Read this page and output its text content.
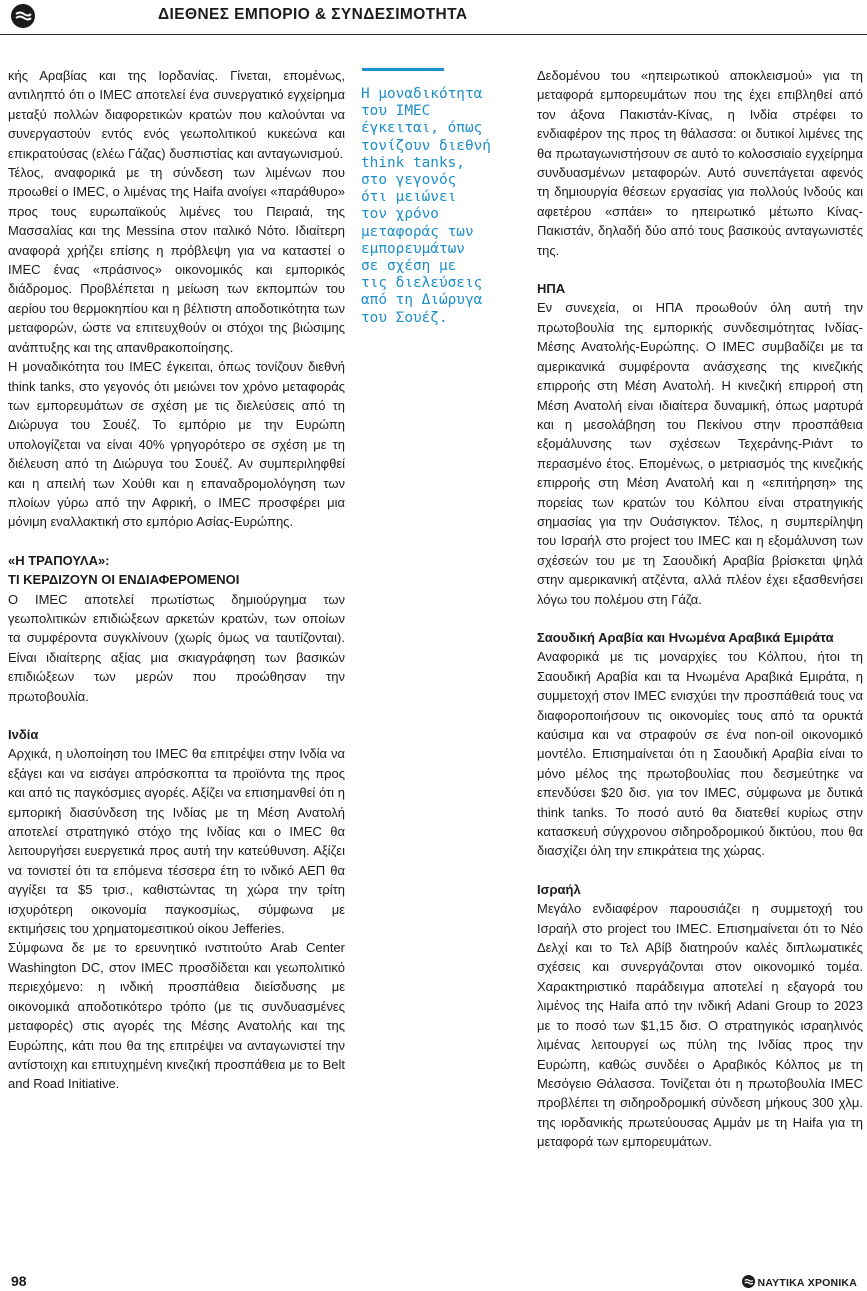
ΔΙΕΘΝΕΣ ΕΜΠΟΡΙΟ & ΣΥΝΔΕΣΙΜΟΤΗΤΑ

κής Αραβίας και της Ιορδανίας. Γίνεται, επομένως, αντιληπτό ότι ο IMEC αποτελεί ένα συνεργατικό εγχείρημα μεταξύ πολλών διαφορετικών κρατών που καλούνται να συνεργαστούν εντός ενός γεωπολιτικού κυκεώνα και επικρατούσας (ελέω Γάζας) δυσπιστίας και ανταγωνισμού.

Τέλος, αναφορικά με τη σύνδεση των λιμένων που προωθεί ο IMEC, ο λιμένας της Haifa ανοίγει «παράθυρο» προς τους ευρωπαϊκούς λιμένες του Πειραιά, της Μασσαλίας και της Messina στον ιταλικό Νότο. Ιδιαίτερη αναφορά χρήζει επίσης η πρόβλεψη για να καταστεί ο IMEC ένας «πράσινος» οικονομικός και εμπορικός διάδρομος. Προβλέπεται η μείωση των εκπομπών του αερίου του θερμοκηπίου και η βέλτιστη αποδοτικότητα των μεταφορών, ώστε να επιτευχθούν οι στόχοι της βιώσιμης ανάπτυξης και της απανθρακοποίησης.

Η μοναδικότητα του IMEC έγκειται, όπως τονίζουν διεθνή think tanks, στο γεγονός ότι μειώνει τον χρόνο μεταφοράς των εμπορευμάτων σε σχέση με τις διελεύσεις από τη Διώρυγα του Σουέζ. Το εμπόριο με την Ευρώπη υπολογίζεται να είναι 40% γρηγορότερο σε σχέση με τη διέλευση από τη Διώρυγα του Σουέζ. Αν συμπεριληφθεί και η απειλή των Χούθι και η επαναδρομολόγηση των πλοίων γύρω από την Αφρική, ο IMEC προσφέρει μια μόνιμη εναλλακτική στο εμπόριο Ασίας-Ευρώπης.

«Η ΤΡΑΠΟΥΛΑ»:

ΤΙ ΚΕΡΔΙΖΟΥΝ ΟΙ ΕΝΔΙΑΦΕΡΟΜΕΝΟΙ

Ο IMEC αποτελεί πρωτίστως δημιούργημα των γεωπολιτικών επιδιώξεων αρκετών κρατών, των οποίων τα συμφέροντα συγκλίνουν (χωρίς όμως να ταυτίζονται). Είναι ιδιαίτερης αξίας μια σκιαγράφηση των βασικών επιδιώξεων των μερών που προώθησαν την πρωτοβουλία.

Ινδία

Αρχικά, η υλοποίηση του IMEC θα επιτρέψει στην Ινδία να εξάγει και να εισάγει απρόσκοπτα τα προϊόντα της προς και από τις παγκόσμιες αγορές. Αξίζει να επισημανθεί ότι η εμπορική διασύνδεση της Ινδίας με τη Μέση Ανατολή αποτελεί στρατηγικό στόχο της Ινδίας και ο IMEC θα λειτουργήσει ευεργετικά προς αυτή την κατεύθυνση. Αξίζει να τονιστεί ότι τα επόμενα τέσσερα έτη το ινδικό ΑΕΠ θα αγγίξει τα $5 τρισ., καθιστώντας τη χώρα την τρίτη ισχυρότερη οικονομία παγκοσμίως, σύμφωνα με εκτιμήσεις του χρηματομεσιτικού οίκου Jefferies.

Σύμφωνα δε με το ερευνητικό ινστιτούτο Arab Center Washington DC, στον IMEC προσδίδεται και γεωπολιτικό περιεχόμενο: η ινδική προσπάθεια διείσδυσης με οικονομικά αποδοτικότερο τρόπο (με τις συνδυασμένες μεταφορές) στις αγορές της Μέσης Ανατολής και της Ευρώπης, κάτι που θα της επιτρέψει να ανταγωνιστεί την αντίστοιχη και επιτυχημένη κινεζική προσπάθεια με το Belt and Road Initiative.

Η μοναδικότητα
του IMEC
έγκειται, όπως
τονίζουν διεθνή
think tanks,
στο γεγονός
ότι μειώνει
τον χρόνο
μεταφοράς των
εμπορευμάτων
σε σχέση με
τις διελεύσεις
από τη Διώρυγα
του Σουέζ.

Δεδομένου του «ηπειρωτικού αποκλεισμού» για τη μεταφορά εμπορευμάτων που της έχει επιβληθεί από τον άξονα Πακιστάν-Κίνας, η Ινδία στρέφει το ενδιαφέρον της προς τη θάλασσα: οι δυτικοί λιμένες της θα πρωταγωνιστήσουν σε αυτό το κολοσσιαίο εγχείρημα συνδυασμένων μεταφορών. Αυτό συνεπάγεται αφενός τη δημιουργία θέσεων εργασίας για πολλούς Ινδούς και αφετέρου «σπάει» το ηπειρωτικό μέτωπο Κίνας-Πακιστάν, δηλαδή δύο από τους βασικούς ανταγωνιστές της.

ΗΠΑ

Εν συνεχεία, οι ΗΠΑ προωθούν όλη αυτή την πρωτοβουλία της εμπορικής συνδεσιμότητας Ινδίας-Μέσης Ανατολής-Ευρώπης. Ο IMEC συμβαδίζει με τα αμερικανικά συμφέροντα ανάσχεσης της κινεζικής επιρροής στη Μέση Ανατολή. Η κινεζική επιρροή στη Μέση Ανατολή είναι ιδιαίτερα δυναμική, όπως μαρτυρά και η μεσολάβηση του Πεκίνου στην προσπάθεια εξομάλυνσης των σχέσεων Τεχεράνης-Ριάντ το περασμένο έτος. Επομένως, ο μετριασμός της κινεζικής επιρροής στη Μέση Ανατολή και η «επιτήρηση» της πορείας των κρατών του Κόλπου είναι στρατηγικής σημασίας για την Ουάσιγκτον. Τέλος, η συμπερίληψη του Ισραήλ στο project του IMEC και η εξομάλυνση των σχέσεών του με τη Σαουδική Αραβία βρίσκεται ψηλά στην αμερικανική ατζέντα, αλλά πλέον έχει εξασθενήσει λόγω του πολέμου στη Γάζα.

Σαουδική Αραβία και Ηνωμένα Αραβικά Εμιράτα

Αναφορικά με τις μοναρχίες του Κόλπου, ήτοι τη Σαουδική Αραβία και τα Ηνωμένα Αραβικά Εμιράτα, η συμμετοχή στον IMEC ενισχύει την προσπάθειά τους να διαφοροποιήσουν τις οικονομίες τους από τα ορυκτά καύσιμα και να στραφούν σε ένα non-oil οικονομικό μοντέλο. Επισημαίνεται ότι η Σαουδική Αραβία είναι το μόνο μέλος της πρωτοβουλίας που δεσμεύτηκε να επενδύσει $20 δισ. για τον IMEC, σύμφωνα με δυτικά think tanks. Το ποσό αυτό θα διατεθεί κυρίως στην κατασκευή σύγχρονου σιδηροδρομικού δικτύου, που θα διασχίζει όλη την επικράτεια της χώρας.

Ισραήλ

Μεγάλο ενδιαφέρον παρουσιάζει η συμμετοχή του Ισραήλ στο project του IMEC. Επισημαίνεται ότι το Νέο Δελχί και το Τελ Αβίβ διατηρούν καλές διπλωματικές σχέσεις και συνεργάζονται στον οικονομικό τομέα. Χαρακτηριστικό παράδειγμα αποτελεί η εξαγορά του λιμένος της Haifa από την ινδική Adani Group το 2023 με το ποσό των $1,15 δισ. Ο στρατηγικός ισραηλινός λιμένας λειτουργεί ως πύλη της Ινδίας προς την Ευρώπη, καθώς συνδέει ο Αραβικός Κόλπος με τη Μεσόγειο Θάλασσα. Τονίζεται ότι η πρωτοβουλία IMEC προβλέπει τη σιδηροδρομική σύνδεση μήκους 300 χλμ. της ιορδανικής πρωτεύουσας Αμμάν με τη Haifa για τη μεταφορά των εμπορευμάτων.

98	ΝΑΥΤΙΚΑ ΧΡΟΝΙΚΑ
